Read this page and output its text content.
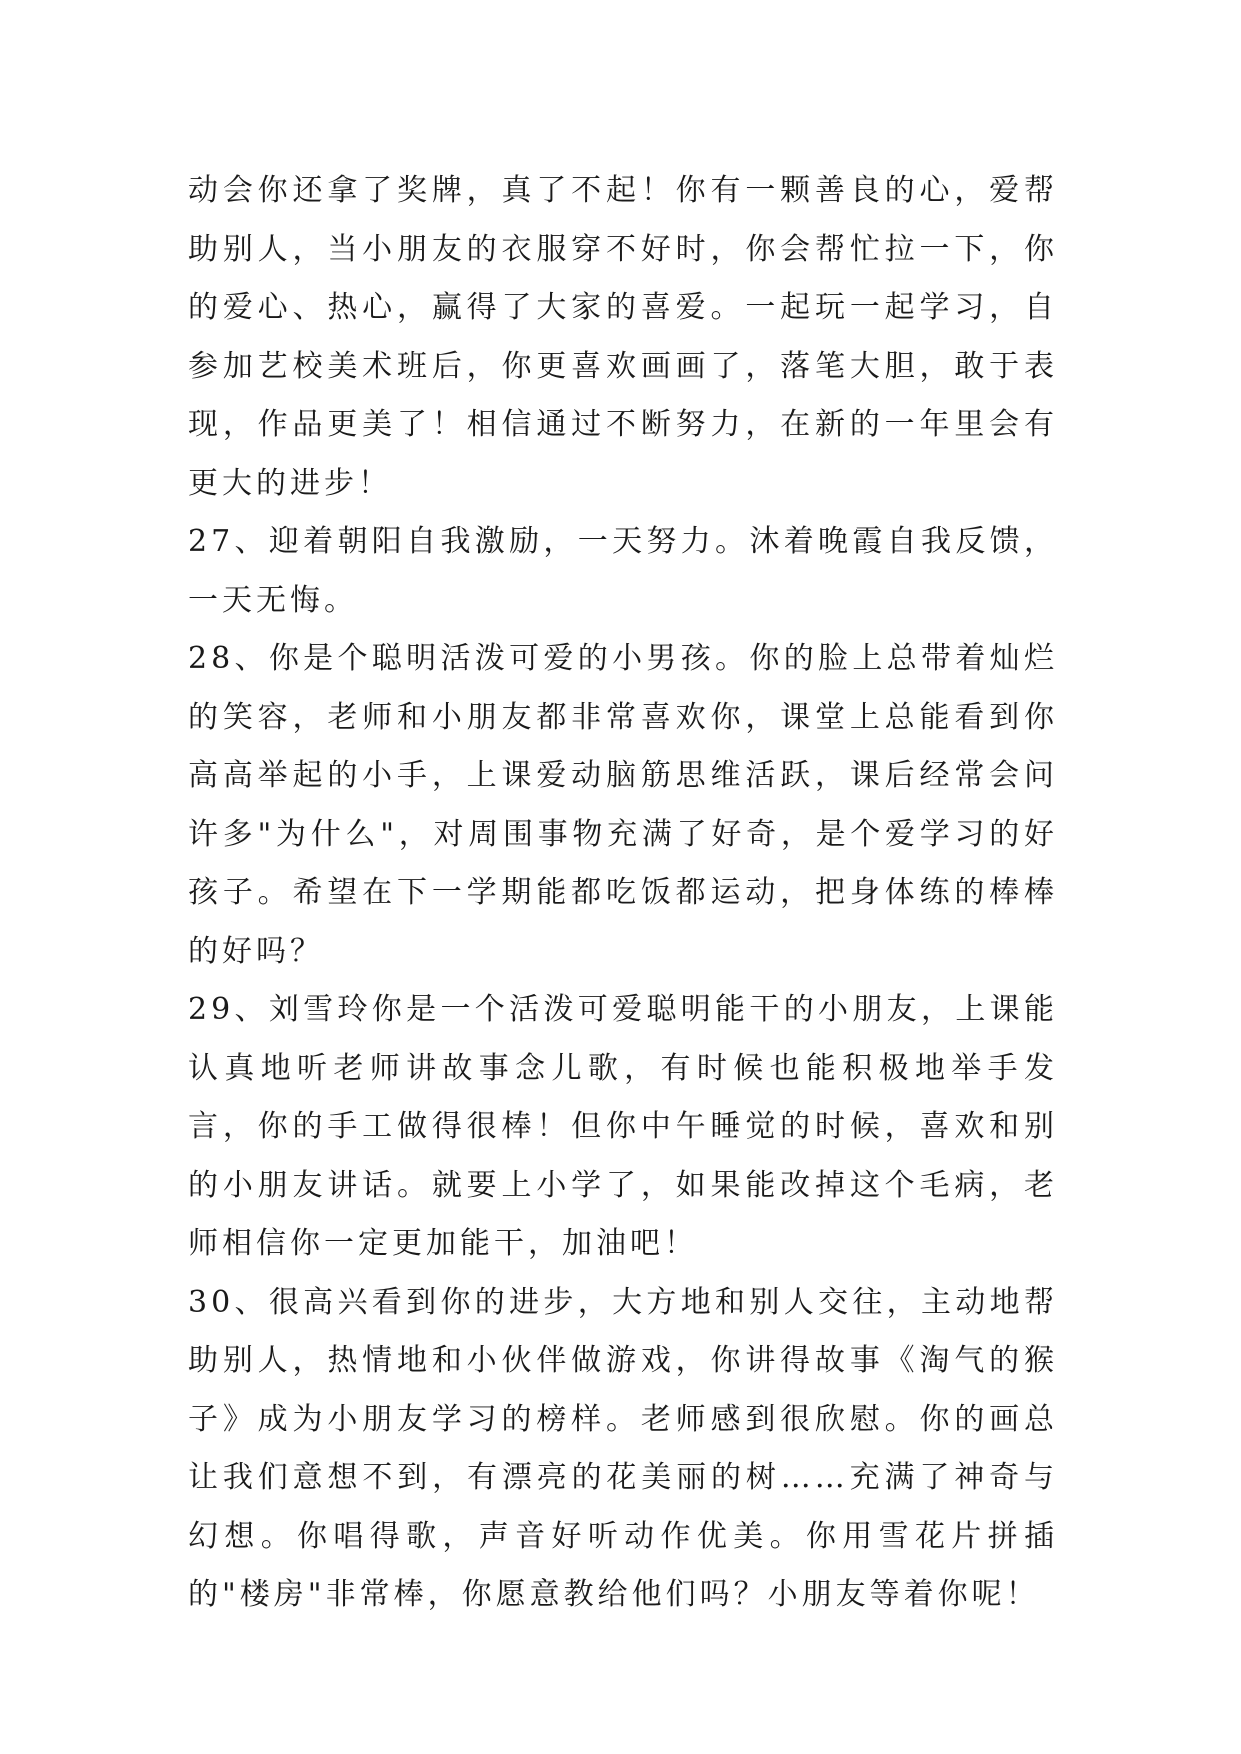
动会你还拿了奖牌，真了不起！你有一颗善良的心，爱帮助别人，当小朋友的衣服穿不好时，你会帮忙拉一下，你的爱心、热心，赢得了大家的喜爱。一起玩一起学习，自参加艺校美术班后，你更喜欢画画了，落笔大胆，敢于表现，作品更美了！相信通过不断努力，在新的一年里会有更大的进步！

27、迎着朝阳自我激励，一天努力。沐着晚霞自我反馈，一天无悔。

28、你是个聪明活泼可爱的小男孩。你的脸上总带着灿烂的笑容，老师和小朋友都非常喜欢你，课堂上总能看到你高高举起的小手，上课爱动脑筋思维活跃，课后经常会问许多"为什么"，对周围事物充满了好奇，是个爱学习的好孩子。希望在下一学期能都吃饭都运动，把身体练的棒棒的好吗？

29、刘雪玲你是一个活泼可爱聪明能干的小朋友，上课能认真地听老师讲故事念儿歌，有时候也能积极地举手发言，你的手工做得很棒！但你中午睡觉的时候，喜欢和别的小朋友讲话。就要上小学了，如果能改掉这个毛病，老师相信你一定更加能干，加油吧！

30、很高兴看到你的进步，大方地和别人交往，主动地帮助别人，热情地和小伙伴做游戏，你讲得故事《淘气的猴子》成为小朋友学习的榜样。老师感到很欣慰。你的画总让我们意想不到，有漂亮的花美丽的树……充满了神奇与幻想。你唱得歌，声音好听动作优美。你用雪花片拼插的"楼房"非常棒，你愿意教给他们吗？小朋友等着你呢！
